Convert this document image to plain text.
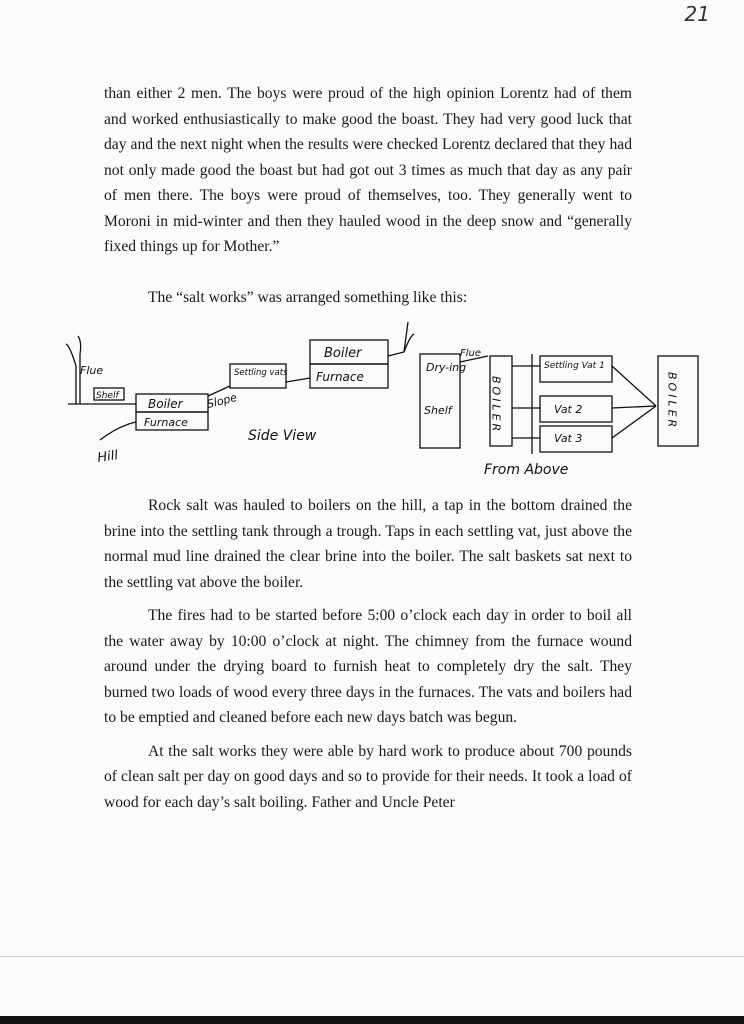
21

than either 2 men. The boys were proud of the high opinion Lorentz had of them and worked enthusiastically to make good the boast. They had very good luck that day and the next night when the results were checked Lorentz declared that they had not only made good the boast but had got out 3 times as much that day as any pair of men there. The boys were proud of themselves, too. They generally went to Moroni in mid-winter and then they hauled wood in the deep snow and “generally fixed things up for Mother.”

The “salt works” was arranged something like this:
Flue
Shelf
Hill
Boiler
Furnace
Slope
Settling vats
Boiler
Furnace
Side View
Dry-ing
Shelf
Flue
BOILER
Settling Vat 1
Vat 2
Vat 3
From Above
BOILER

Rock salt was hauled to boilers on the hill, a tap in the bottom drained the brine into the settling tank through a trough. Taps in each settling vat, just above the normal mud line drained the clear brine into the boiler. The salt baskets sat next to the settling vat above the boiler.

The fires had to be started before 5:00 o’clock each day in order to boil all the water away by 10:00 o’clock at night. The chimney from the furnace wound around under the drying board to furnish heat to completely dry the salt. They burned two loads of wood every three days in the furnaces. The vats and boilers had to be emptied and cleaned before each new days batch was begun.

At the salt works they were able by hard work to produce about 700 pounds of clean salt per day on good days and so to provide for their needs. It took a load of wood for each day’s salt boiling. Father and Uncle Peter
